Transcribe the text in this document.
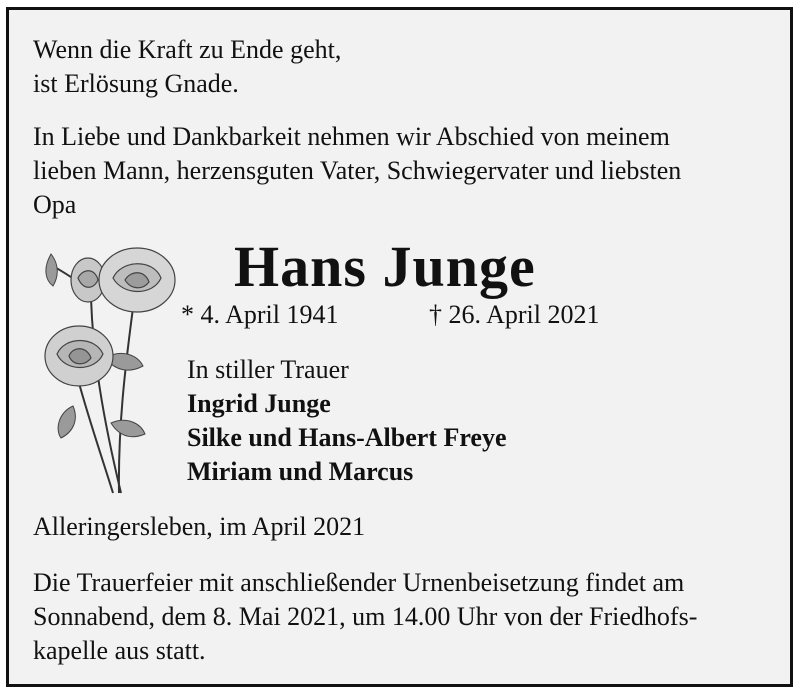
Wenn die Kraft zu Ende geht,
ist Erlösung Gnade.
In Liebe und Dankbarkeit nehmen wir Abschied von meinem
lieben Mann, herzensguten Vater, Schwiegervater und liebsten
Opa
Hans Junge
* 4. April 1941	† 26. April 2021
In stiller Trauer
Ingrid Junge
Silke und Hans-Albert Freye
Miriam und Marcus
Alleringersleben, im April 2021
Die Trauerfeier mit anschließender Urnenbeisetzung findet am
Sonnabend, dem 8. Mai 2021, um 14.00 Uhr von der Friedhofs-
kapelle aus statt.
